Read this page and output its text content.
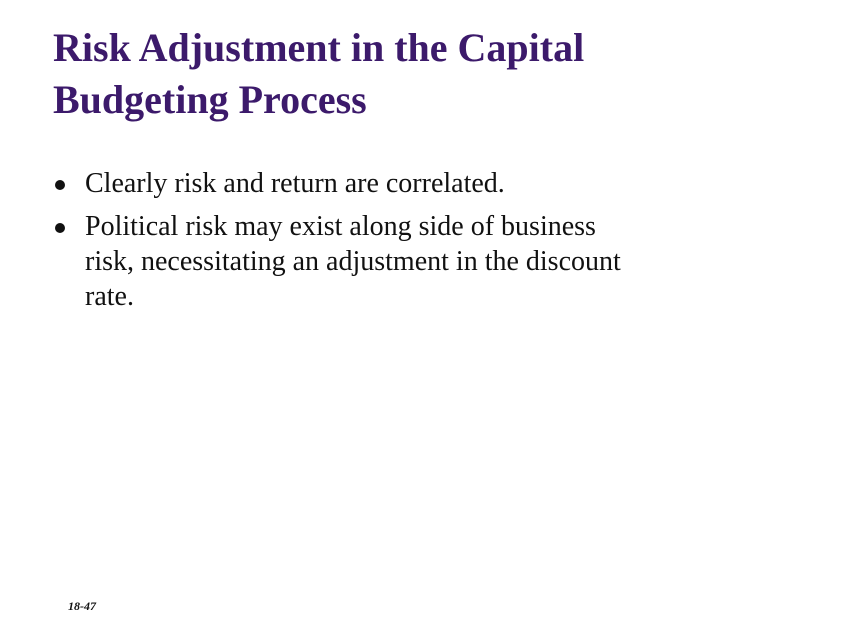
Risk Adjustment in the Capital
Budgeting Process
Clearly risk and return are correlated.
Political risk may exist along side of business
risk, necessitating an adjustment in the discount
rate.
18-47
